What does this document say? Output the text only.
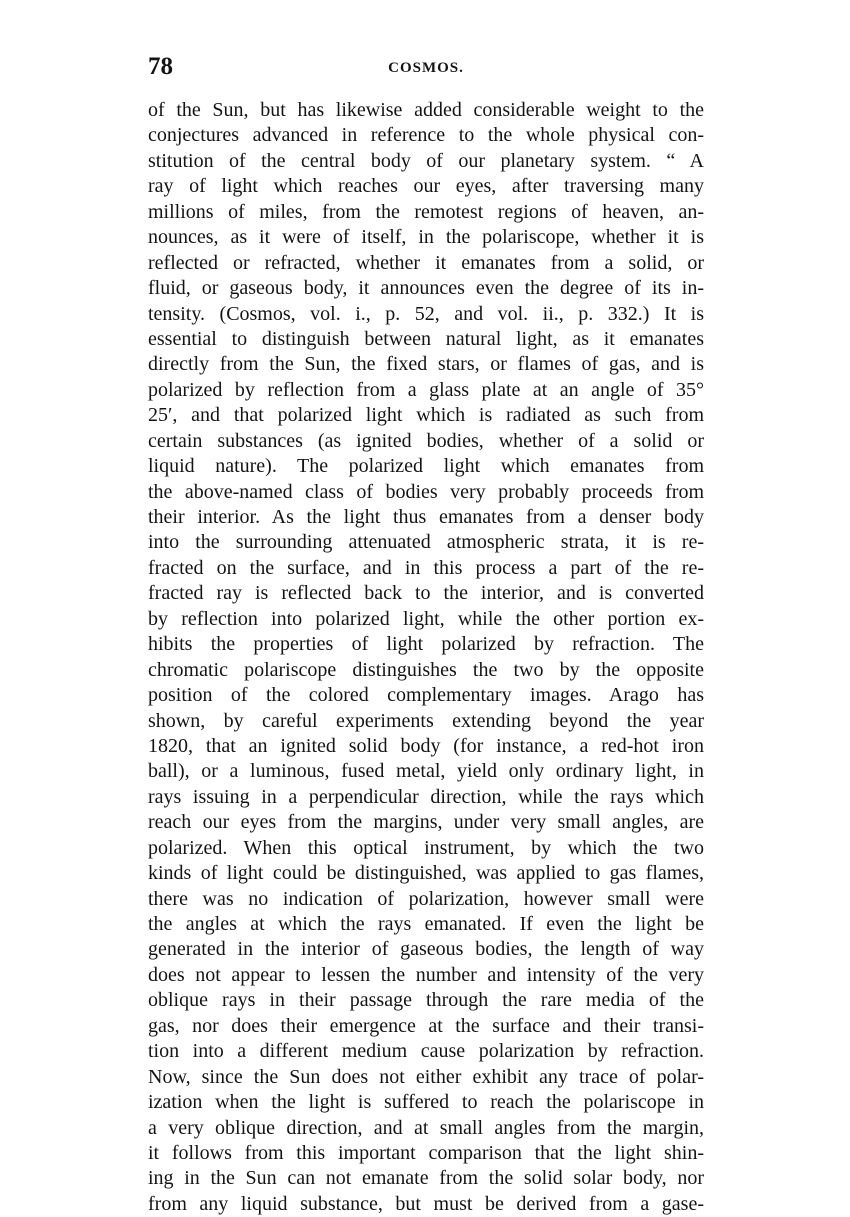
78	COSMOS.
of the Sun, but has likewise added considerable weight to the
conjectures advanced in reference to the whole physical con-
stitution of the central body of our planetary system. “ A
ray of light which reaches our eyes, after traversing many
millions of miles, from the remotest regions of heaven, an-
nounces, as it were of itself, in the polariscope, whether it is
reflected or refracted, whether it emanates from a solid, or
fluid, or gaseous body, it announces even the degree of its in-
tensity. (Cosmos, vol. i., p. 52, and vol. ii., p. 332.) It is
essential to distinguish between natural light, as it emanates
directly from the Sun, the fixed stars, or flames of gas, and is
polarized by reflection from a glass plate at an angle of 35°
25′, and that polarized light which is radiated as such from
certain substances (as ignited bodies, whether of a solid or
liquid nature). The polarized light which emanates from
the above-named class of bodies very probably proceeds from
their interior. As the light thus emanates from a denser body
into the surrounding attenuated atmospheric strata, it is re-
fracted on the surface, and in this process a part of the re-
fracted ray is reflected back to the interior, and is converted
by reflection into polarized light, while the other portion ex-
hibits the properties of light polarized by refraction. The
chromatic polariscope distinguishes the two by the opposite
position of the colored complementary images. Arago has
shown, by careful experiments extending beyond the year
1820, that an ignited solid body (for instance, a red-hot iron
ball), or a luminous, fused metal, yield only ordinary light, in
rays issuing in a perpendicular direction, while the rays which
reach our eyes from the margins, under very small angles, are
polarized. When this optical instrument, by which the two
kinds of light could be distinguished, was applied to gas flames,
there was no indication of polarization, however small were
the angles at which the rays emanated. If even the light be
generated in the interior of gaseous bodies, the length of way
does not appear to lessen the number and intensity of the very
oblique rays in their passage through the rare media of the
gas, nor does their emergence at the surface and their transi-
tion into a different medium cause polarization by refraction.
Now, since the Sun does not either exhibit any trace of polar-
ization when the light is suffered to reach the polariscope in
a very oblique direction, and at small angles from the margin,
it follows from this important comparison that the light shin-
ing in the Sun can not emanate from the solid solar body, nor
from any liquid substance, but must be derived from a gase-
